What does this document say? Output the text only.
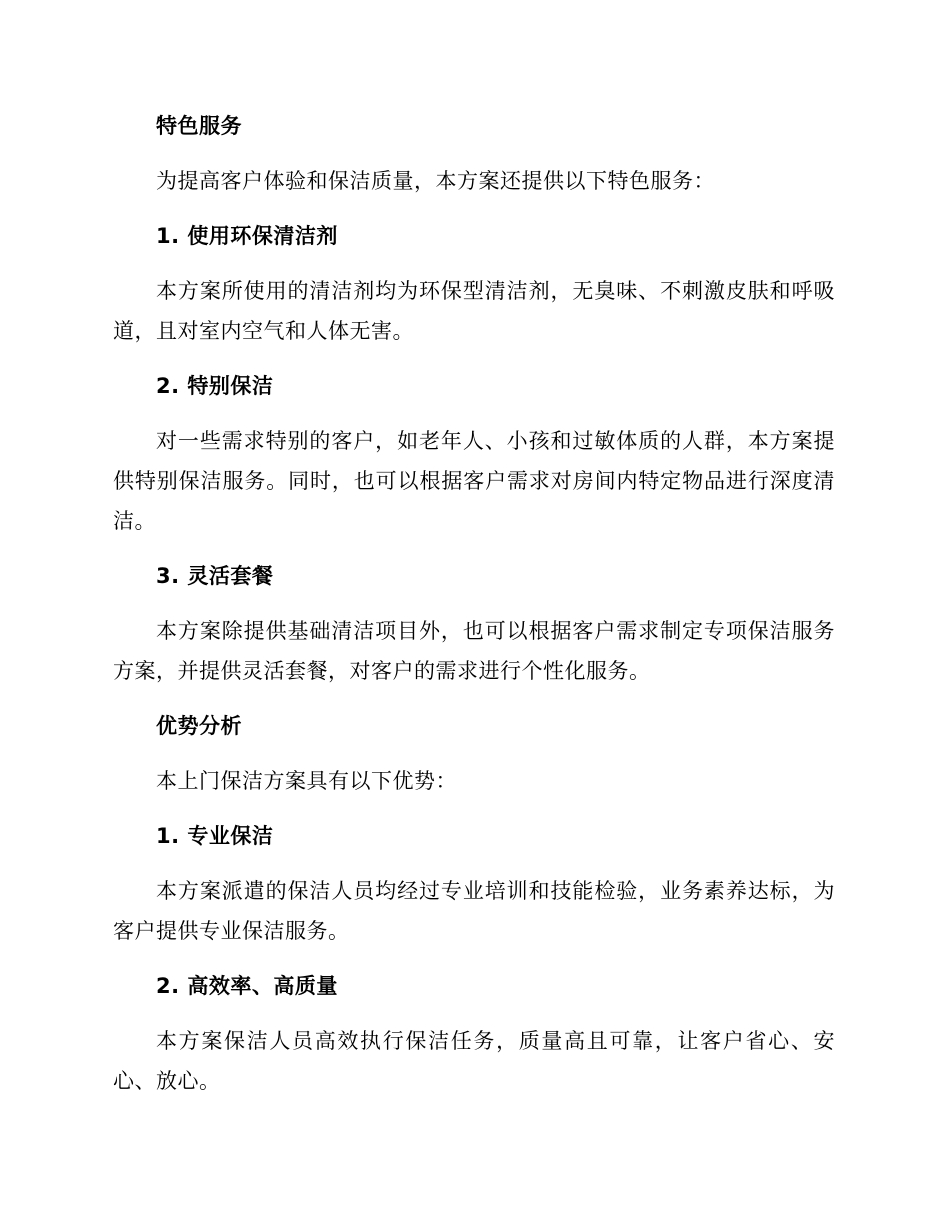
特色服务
为提高客户体验和保洁质量，本方案还提供以下特色服务：
1. 使用环保清洁剂
本方案所使用的清洁剂均为环保型清洁剂，无臭味、不刺激皮肤和呼吸道，且对室内空气和人体无害。
2. 特别保洁
对一些需求特别的客户，如老年人、小孩和过敏体质的人群，本方案提供特别保洁服务。同时，也可以根据客户需求对房间内特定物品进行深度清洁。
3. 灵活套餐
本方案除提供基础清洁项目外，也可以根据客户需求制定专项保洁服务方案，并提供灵活套餐，对客户的需求进行个性化服务。
优势分析
本上门保洁方案具有以下优势：
1. 专业保洁
本方案派遣的保洁人员均经过专业培训和技能检验，业务素养达标，为客户提供专业保洁服务。
2. 高效率、高质量
本方案保洁人员高效执行保洁任务，质量高且可靠，让客户省心、安心、放心。
